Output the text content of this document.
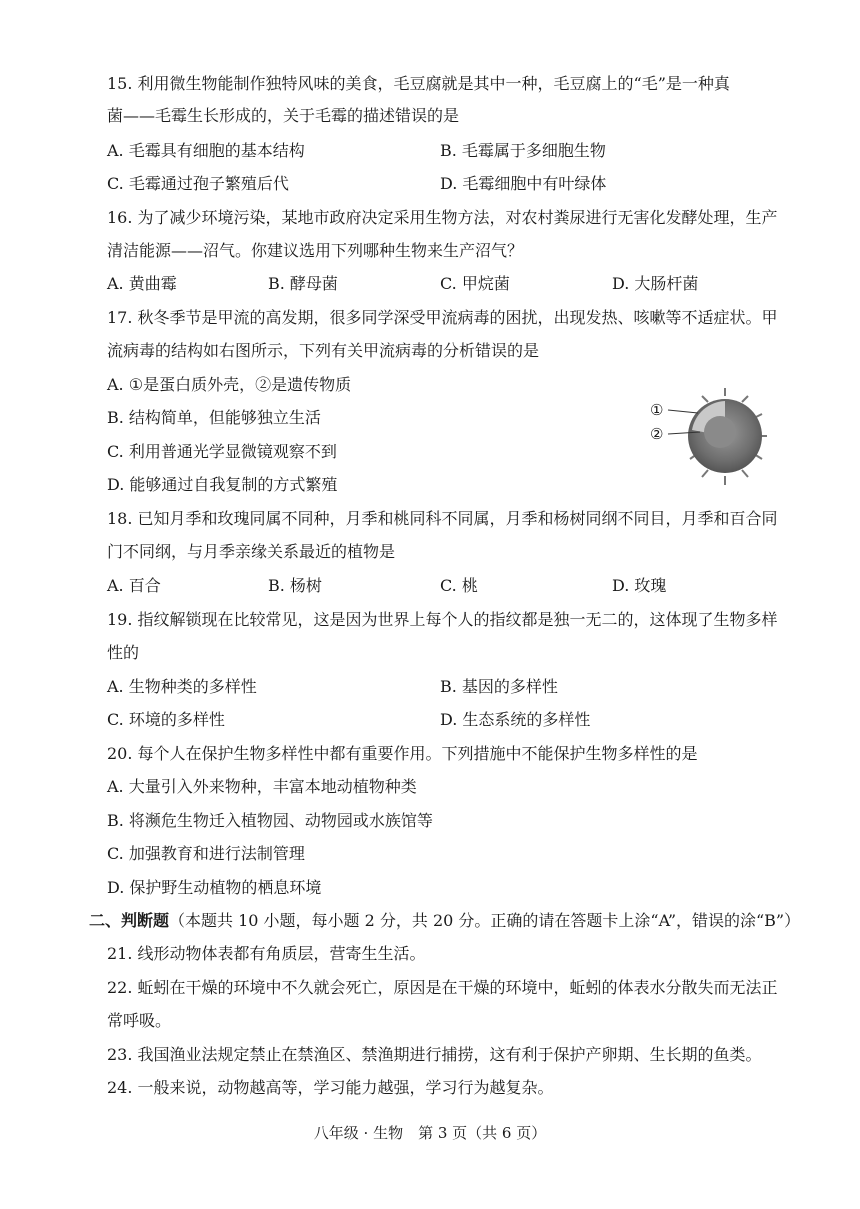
15. 利用微生物能制作独特风味的美食，毛豆腐就是其中一种，毛豆腐上的“毛”是一种真
菌——毛霉生长形成的，关于毛霉的描述错误的是
A. 毛霉具有细胞的基本结构	B. 毛霉属于多细胞生物
C. 毛霉通过孢子繁殖后代	D. 毛霉细胞中有叶绿体
16. 为了减少环境污染，某地市政府决定采用生物方法，对农村粪尿进行无害化发酵处理，生产
清洁能源——沼气。你建议选用下列哪种生物来生产沼气？
A. 黄曲霉	B. 酵母菌	C. 甲烷菌	D. 大肠杆菌
17. 秋冬季节是甲流的高发期，很多同学深受甲流病毒的困扰，出现发热、咳嗽等不适症状。甲
流病毒的结构如右图所示，下列有关甲流病毒的分析错误的是
A. ①是蛋白质外壳，②是遗传物质
B. 结构简单，但能够独立生活
C. 利用普通光学显微镜观察不到
D. 能够通过自我复制的方式繁殖
①
②
18. 已知月季和玫瑰同属不同种，月季和桃同科不同属，月季和杨树同纲不同目，月季和百合同
门不同纲，与月季亲缘关系最近的植物是
A. 百合	B. 杨树	C. 桃	D. 玫瑰
19. 指纹解锁现在比较常见，这是因为世界上每个人的指纹都是独一无二的，这体现了生物多样
性的
A. 生物种类的多样性	B. 基因的多样性
C. 环境的多样性	D. 生态系统的多样性
20. 每个人在保护生物多样性中都有重要作用。下列措施中不能保护生物多样性的是
A. 大量引入外来物种，丰富本地动植物种类
B. 将濒危生物迁入植物园、动物园或水族馆等
C. 加强教育和进行法制管理
D. 保护野生动植物的栖息环境
二、判断题（本题共 10 小题，每小题 2 分，共 20 分。正确的请在答题卡上涂“A”，错误的涂“B”）
21. 线形动物体表都有角质层，营寄生生活。
22. 蚯蚓在干燥的环境中不久就会死亡，原因是在干燥的环境中，蚯蚓的体表水分散失而无法正
常呼吸。
23. 我国渔业法规定禁止在禁渔区、禁渔期进行捕捞，这有利于保护产卵期、生长期的鱼类。
24. 一般来说，动物越高等，学习能力越强，学习行为越复杂。
八年级 · 生物　第 3 页（共 6 页）
